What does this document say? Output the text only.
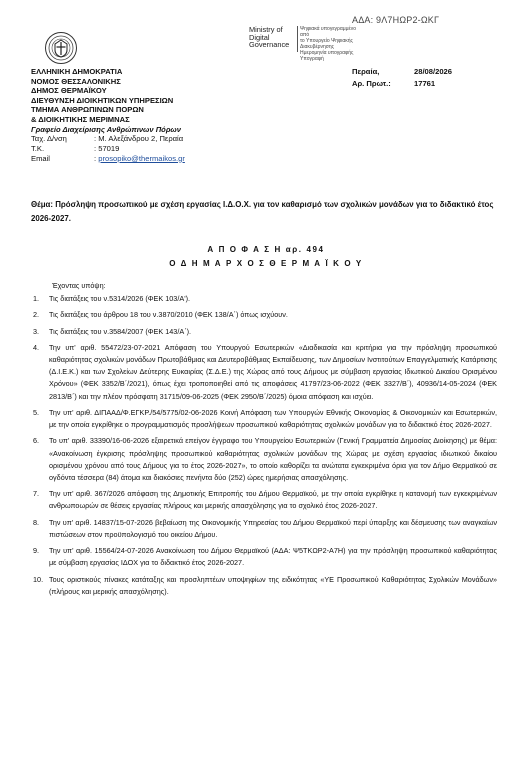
ΑΔΑ: 9Λ7ΗΩΡ2-ΩΚΓ
Ministry of
Digital
Governance
Ψηφιακά υπογεγραμμένο από
το Υπουργείο Ψηφιακής
Διακυβέρνησης
Ημερομηνία υπογραφής
Υπογραφή
ΕΛΛΗΝΙΚΗ ΔΗΜΟΚΡΑΤΙΑ
ΝΟΜΟΣ ΘΕΣΣΑΛΟΝΙΚΗΣ
ΔΗΜΟΣ ΘΕΡΜΑΪΚΟΥ
ΔΙΕΥΘΥΝΣΗ ΔΙΟΙΚΗΤΙΚΩΝ ΥΠΗΡΕΣΙΩΝ
ΤΜΗΜΑ ΑΝΘΡΩΠΙΝΩΝ ΠΟΡΩΝ
& ΔΙΟΙΚΗΤΙΚΗΣ ΜΕΡΙΜΝΑΣ
Γραφείο Διαχείρισης Ανθρώπινων Πόρων
Ταχ. Δ/νση	: Μ. Αλεξάνδρου 2, Περαία
Τ.Κ.	: 57019
Email	: prosopiko@thermaikos.gr
Περαία,	28/08/2026
Αρ. Πρωτ.:	17761
Θέμα: Πρόσληψη προσωπικού με σχέση εργασίας Ι.Δ.Ο.Χ. για τον καθαρισμό των σχολικών μονάδων για το διδακτικό έτος 2026-2027.
Α Π Ο Φ Α Σ Η αρ. 494
Ο Δ Η Μ Α Ρ Χ Ο Σ Θ Ε Ρ Μ Α Ϊ Κ Ο Υ
Έχοντας υπόψη:
1.	Τις διατάξεις του ν.5314/2026 (ΦΕΚ 103/Α').
2.	Τις διατάξεις του άρθρου 18 του ν.3870/2010 (ΦΕΚ 138/Α΄) όπως ισχύουν.
3.	Τις διατάξεις του ν.3584/2007 (ΦΕΚ 143/Α΄).
4.	Την υπ' αριθ. 55472/23-07-2021 Απόφαση του Υπουργού Εσωτερικών «Διαδικασία και κριτήρια για την πρόσληψη προσωπικού καθαριότητας σχολικών μονάδων Πρωτοβάθμιας και Δευτεροβάθμιας Εκπαίδευσης, των Δημοσίων Ινστιτούτων Επαγγελματικής Κατάρτισης (Δ.Ι.Ε.Κ.) και των Σχολείων Δεύτερης Ευκαιρίας (Σ.Δ.Ε.) της Χώρας από τους Δήμους με σύμβαση εργασίας Ιδιωτικού Δικαίου Ορισμένου Χρόνου» (ΦΕΚ 3352/Β΄/2021), όπως έχει τροποποιηθεί από τις αποφάσεις 41797/23-06-2022 (ΦΕΚ 3327/Β΄), 40936/14-05-2024 (ΦΕΚ 2813/Β΄) και την πλέον πρόσφατη 31715/09-06-2025 (ΦΕΚ 2950/Β΄/2025) όμοια απόφαση και ισχύει.
5.	Την υπ' αριθ. ΔΙΠΑΑΔ/Φ.ΕΓΚΡ./54/5775/02-06-2026 Κοινή Απόφαση των Υπουργών Εθνικής Οικονομίας & Οικονομικών και Εσωτερικών, με την οποία εγκρίθηκε ο προγραμματισμός προσλήψεων προσωπικού καθαριότητας σχολικών μονάδων για το διδακτικό έτος 2026-2027.
6.	Το υπ' αριθ. 33390/16-06-2026 εξαιρετικά επείγον έγγραφο του Υπουργείου Εσωτερικών (Γενική Γραμματεία Δημοσίας Διοίκησης) με θέμα: «Ανακοίνωση έγκρισης πρόσληψης προσωπικού καθαριότητας σχολικών μονάδων της Χώρας με σχέση εργασίας ιδιωτικού δικαίου ορισμένου χρόνου από τους Δήμους για το έτος 2026-2027», το οποίο καθορίζει τα ανώτατα εγκεκριμένα όρια για τον Δήμο Θερμαϊκού σε ογδόντα τέσσερα (84) άτομα και διακόσιες πενήντα δύο (252) ώρες ημερήσιας απασχόλησης.
7.	Την υπ' αριθ. 367/2026 απόφαση της Δημοτικής Επιτροπής του Δήμου Θερμαϊκού, με την οποία εγκρίθηκε η κατανομή των εγκεκριμένων ανθρωποωρών σε θέσεις εργασίας πλήρους και μερικής απασχόλησης για το σχολικό έτος 2026-2027.
8.	Την υπ' αριθ. 14837/15-07-2026 βεβαίωση της Οικονομικής Υπηρεσίας του Δήμου Θερμαϊκού περί ύπαρξης και δέσμευσης των αναγκαίων πιστώσεων στον προϋπολογισμό του οικείου Δήμου.
9.	Την υπ' αριθ. 15564/24-07-2026 Ανακοίνωση του Δήμου Θερμαϊκού (ΑΔΑ: Ψ5ΤΚΩΡ2-Α7Η) για την πρόσληψη προσωπικού καθαριότητας με σύμβαση εργασίας ΙΔΟΧ για το διδακτικό έτος 2026-2027.
10. Τους οριστικούς πίνακες κατάταξης και προσληπτέων υποψηφίων της ειδικότητας «ΥΕ Προσωπικού Καθαριότητας Σχολικών Μονάδων» (πλήρους και μερικής απασχόλησης).
